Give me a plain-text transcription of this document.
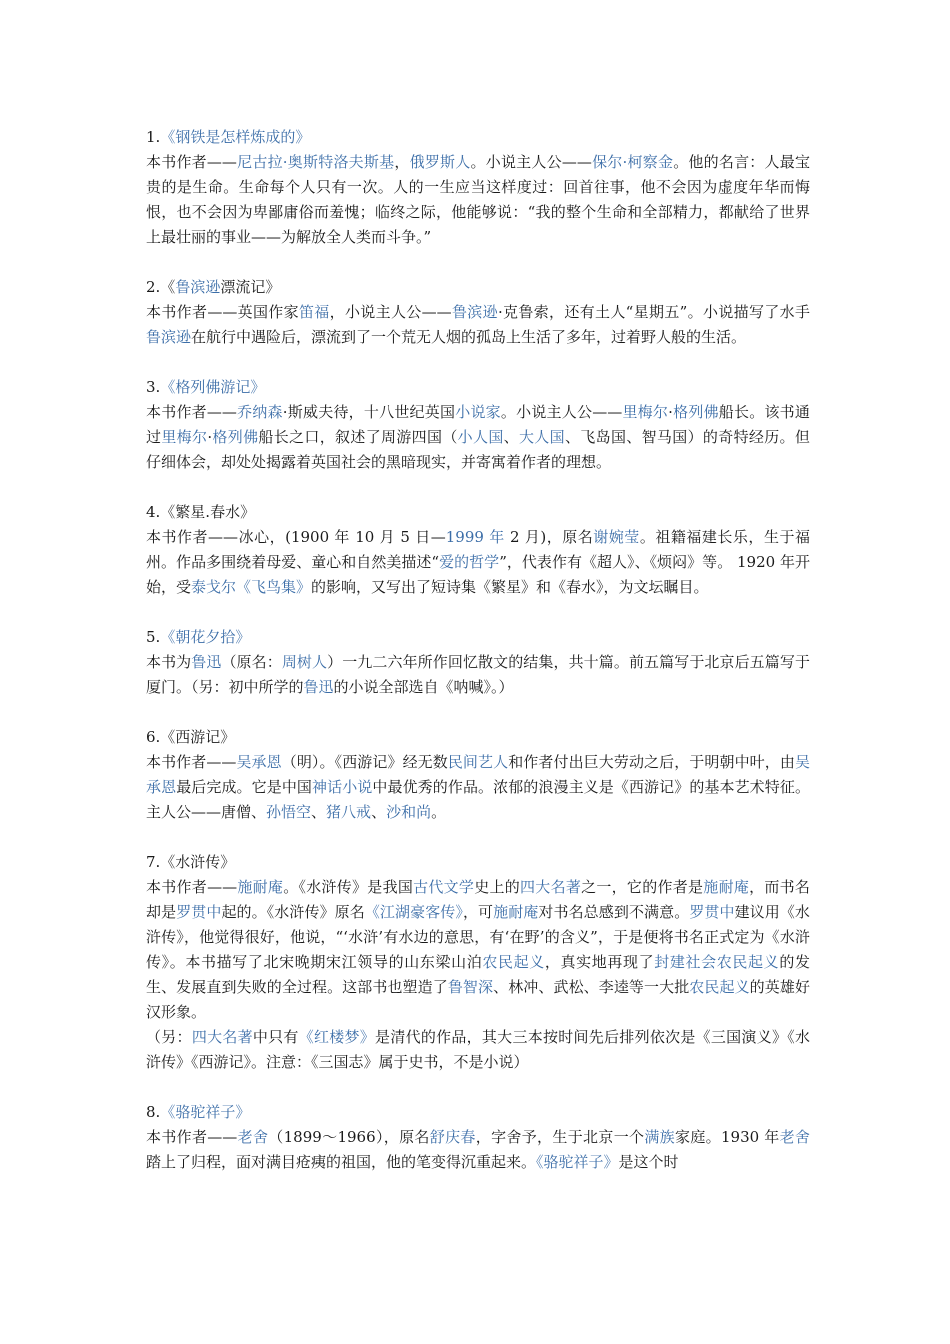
1.《钢铁是怎样炼成的》

本书作者——尼古拉·奥斯特洛夫斯基，俄罗斯人。小说主人公——保尔·柯察金。他的名言：人最宝贵的是生命。生命每个人只有一次。人的一生应当这样度过：回首往事，他不会因为虚度年华而悔恨，也不会因为卑鄙庸俗而羞愧；临终之际，他能够说：“我的整个生命和全部精力，都献给了世界上最壮丽的事业——为解放全人类而斗争。”

2.《鲁滨逊漂流记》

本书作者——英国作家笛福，小说主人公——鲁滨逊·克鲁索，还有土人“星期五”。小说描写了水手鲁滨逊在航行中遇险后，漂流到了一个荒无人烟的孤岛上生活了多年，过着野人般的生活。

3.《格列佛游记》

本书作者——乔纳森·斯威夫待，十八世纪英国小说家。小说主人公——里梅尔·格列佛船长。该书通过里梅尔·格列佛船长之口，叙述了周游四国（小人国、大人国、飞岛国、智马国）的奇特经历。但仔细体会，却处处揭露着英国社会的黑暗现实，并寄寓着作者的理想。

4.《繁星.春水》

本书作者——冰心，(1900 年 10 月 5 日—1999 年 2 月)，原名谢婉莹。祖籍福建长乐，生于福州。作品多围绕着母爱、童心和自然美描述“爱的哲学”，代表作有《超人》、《烦闷》等。 1920 年开始，受泰戈尔《飞鸟集》的影响，又写出了短诗集《繁星》和《春水》，为文坛瞩目。

5.《朝花夕拾》

本书为鲁迅（原名：周树人）一九二六年所作回忆散文的结集，共十篇。前五篇写于北京后五篇写于厦门。（另：初中所学的鲁迅的小说全部选自《呐喊》。）

6.《西游记》

本书作者——吴承恩（明）。《西游记》经无数民间艺人和作者付出巨大劳动之后，于明朝中叶，由吴承恩最后完成。它是中国神话小说中最优秀的作品。浓郁的浪漫主义是《西游记》的基本艺术特征。主人公——唐僧、孙悟空、猪八戒、沙和尚。

7.《水浒传》

本书作者——施耐庵。《水浒传》是我国古代文学史上的四大名著之一，它的作者是施耐庵，而书名却是罗贯中起的。《水浒传》原名《江湖豪客传》，可施耐庵对书名总感到不满意。罗贯中建议用《水浒传》，他觉得很好，他说，“‘水浒’有水边的意思，有‘在野’的含义”，于是便将书名正式定为《水浒传》。本书描写了北宋晚期宋江领导的山东梁山泊农民起义，真实地再现了封建社会农民起义的发生、发展直到失败的全过程。这部书也塑造了鲁智深、林冲、武松、李逵等一大批农民起义的英雄好汉形象。

（另：四大名著中只有《红楼梦》是清代的作品，其大三本按时间先后排列依次是《三国演义》《水浒传》《西游记》。注意：《三国志》属于史书，不是小说）

8.《骆驼祥子》

本书作者——老舍（1899～1966），原名舒庆春，字舍予，生于北京一个满族家庭。1930 年老舍踏上了归程，面对满目疮痍的祖国，他的笔变得沉重起来。《骆驼祥子》是这个时
